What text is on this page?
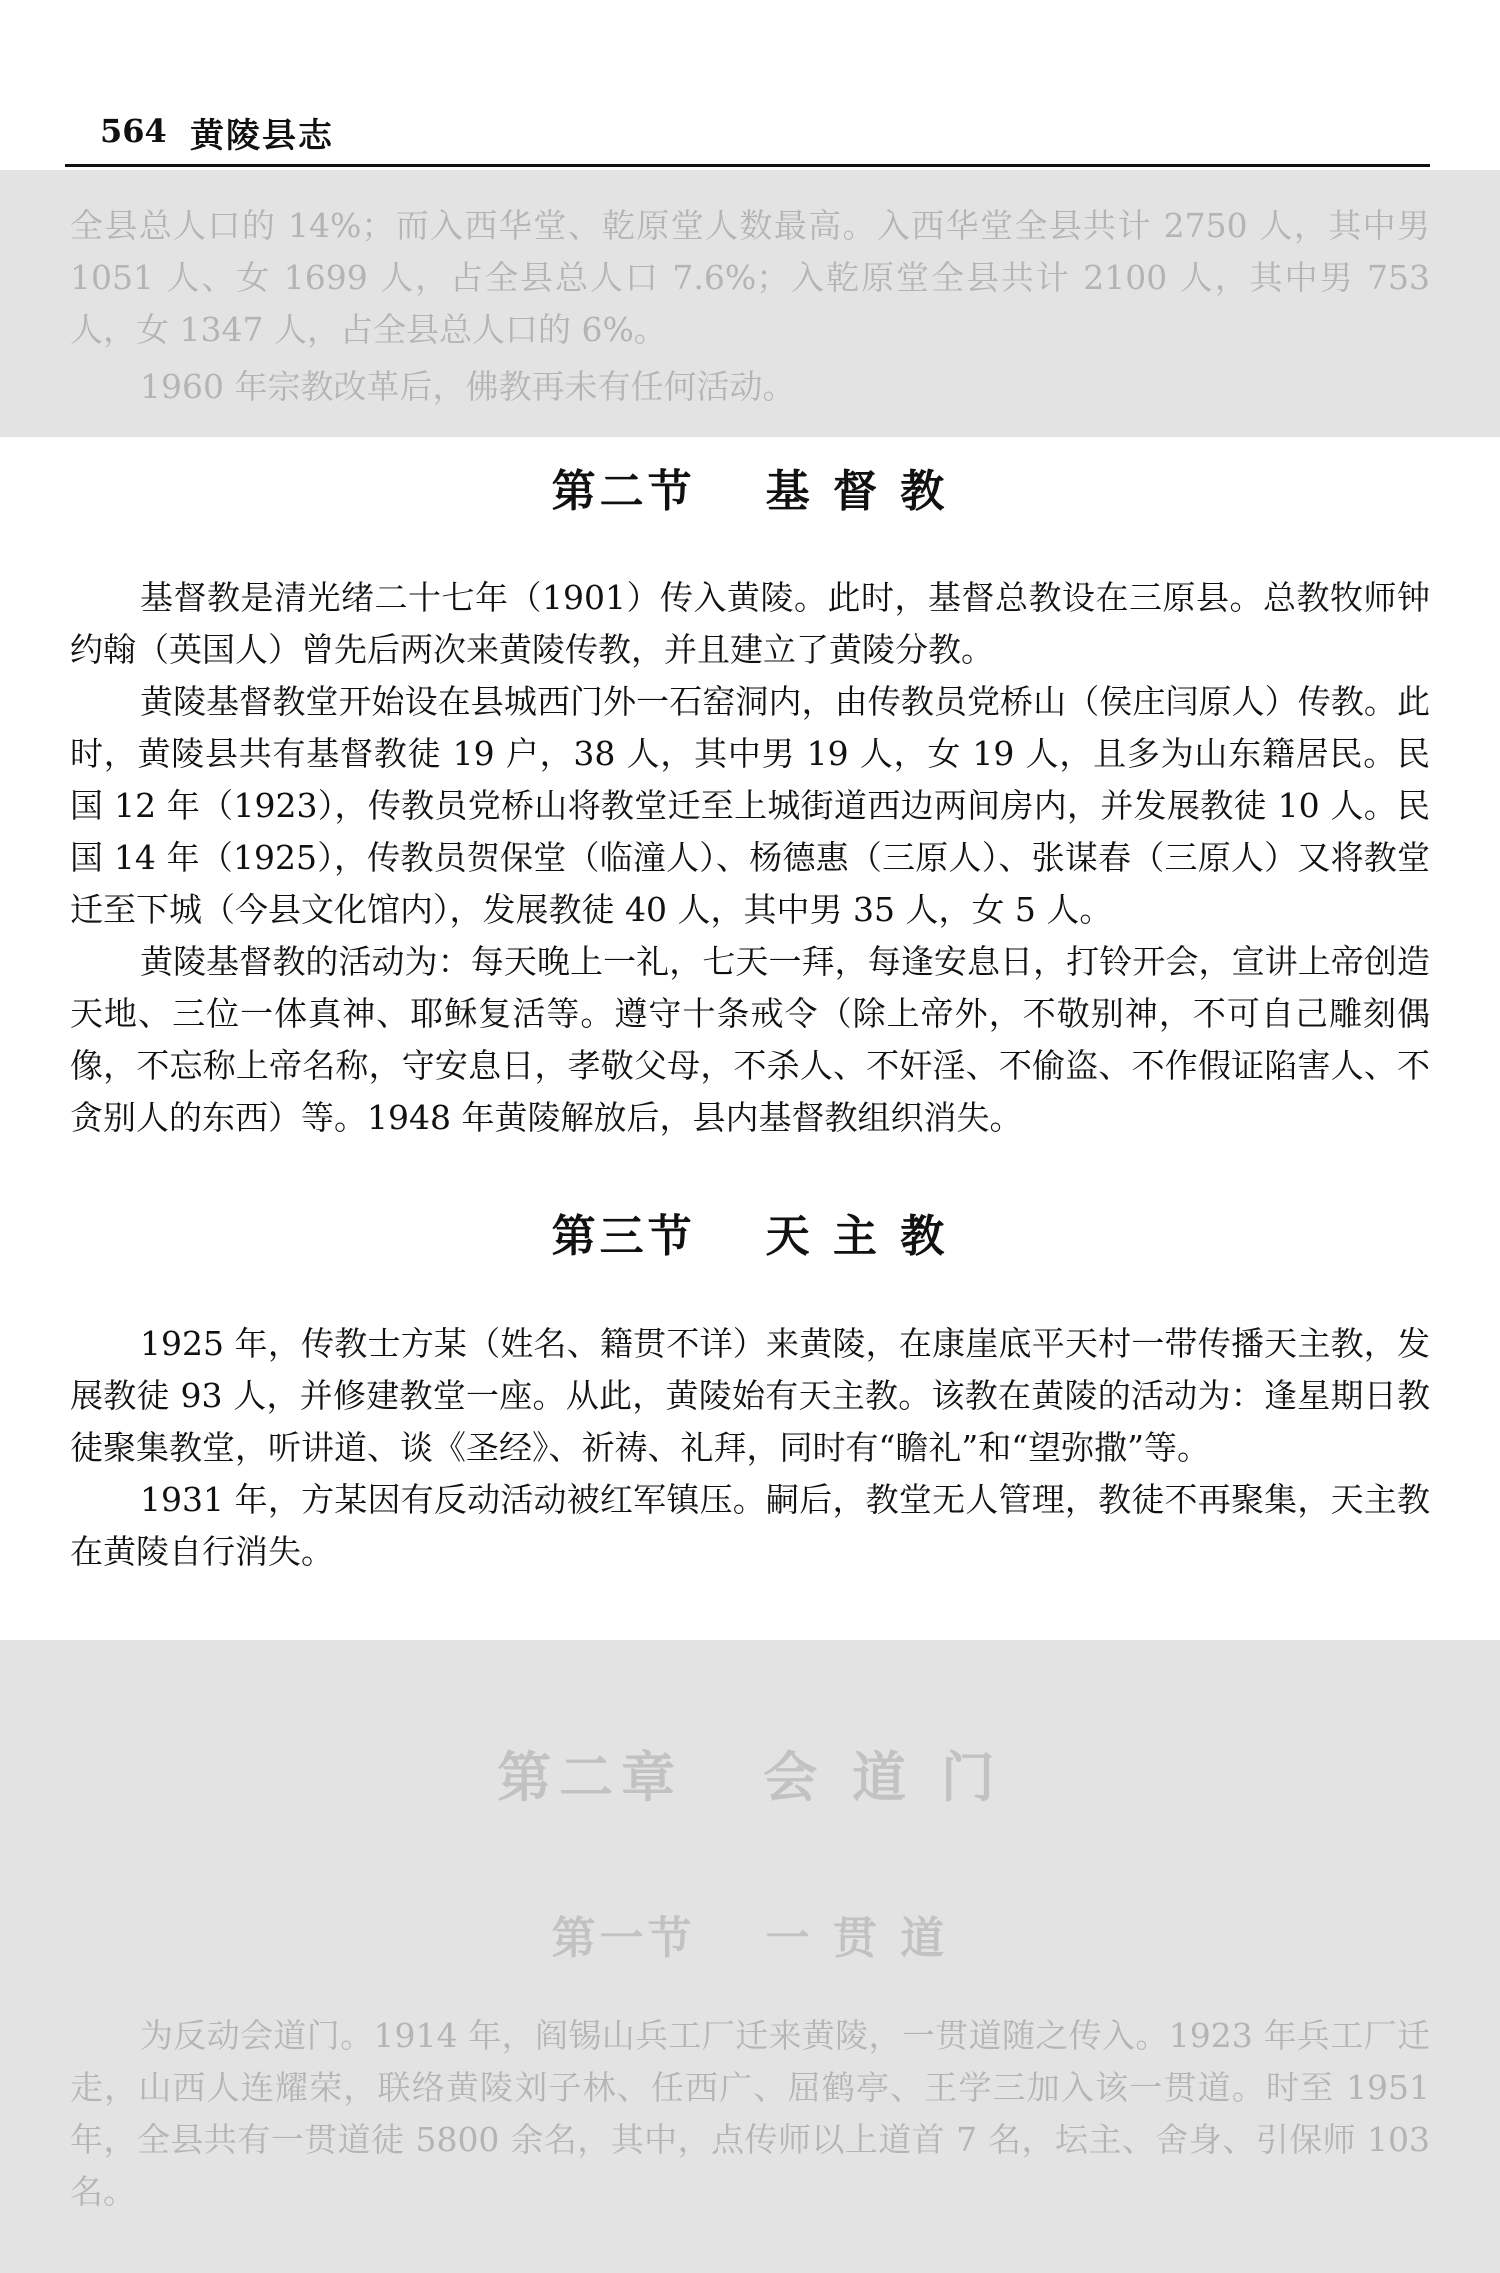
564 黄陵县志

全县总人口的 14%；而入西华堂、乾原堂人数最高。入西华堂全县共计 2750 人，其中男 1051 人、女 1699 人，占全县总人口 7.6%；入乾原堂全县共计 2100 人，其中男 753 人，女 1347 人，占全县总人口的 6%。

1960 年宗教改革后，佛教再未有任何活动。

第二节 基 督 教

基督教是清光绪二十七年（1901）传入黄陵。此时，基督总教设在三原县。总教牧师钟约翰（英国人）曾先后两次来黄陵传教，并且建立了黄陵分教。

黄陵基督教堂开始设在县城西门外一石窑洞内，由传教员党桥山（侯庄闫原人）传教。此时，黄陵县共有基督教徒 19 户，38 人，其中男 19 人，女 19 人，且多为山东籍居民。民国 12 年（1923），传教员党桥山将教堂迁至上城街道西边两间房内，并发展教徒 10 人。民国 14 年（1925），传教员贺保堂（临潼人）、杨德惠（三原人）、张谋春（三原人）又将教堂迁至下城（今县文化馆内），发展教徒 40 人，其中男 35 人，女 5 人。

黄陵基督教的活动为：每天晚上一礼，七天一拜，每逢安息日，打铃开会，宣讲上帝创造天地、三位一体真神、耶稣复活等。遵守十条戒令（除上帝外，不敬别神，不可自己雕刻偶像，不忘称上帝名称，守安息日，孝敬父母，不杀人、不奸淫、不偷盗、不作假证陷害人、不贪别人的东西）等。1948 年黄陵解放后，县内基督教组织消失。

第三节 天 主 教

1925 年，传教士方某（姓名、籍贯不详）来黄陵，在康崖底平天村一带传播天主教，发展教徒 93 人，并修建教堂一座。从此，黄陵始有天主教。该教在黄陵的活动为：逢星期日教徒聚集教堂，听讲道、谈《圣经》、祈祷、礼拜，同时有“瞻礼”和“望弥撒”等。

1931 年，方某因有反动活动被红军镇压。嗣后，教堂无人管理，教徒不再聚集，天主教在黄陵自行消失。

第二章 会 道 门
第一节 一 贯 道

为反动会道门。1914 年，阎锡山兵工厂迁来黄陵，一贯道随之传入。1923 年兵工厂迁走，山西人连耀荣，联络黄陵刘子林、任西广、屈鹤亭、王学三加入该一贯道。时至 1951 年，全县共有一贯道徒 5800 余名，其中，点传师以上道首 7 名，坛主、舍身、引保师 103 名。
